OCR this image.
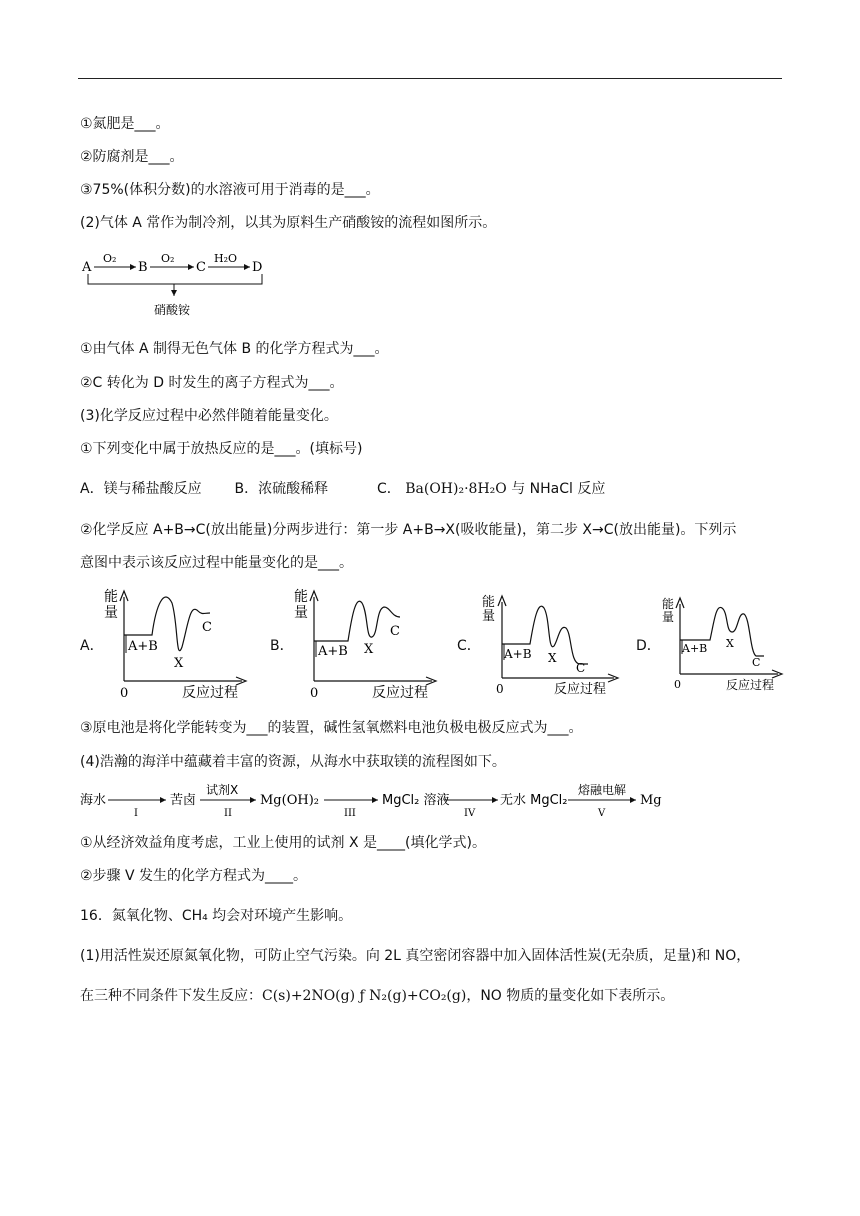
①氮肥是___。
②防腐剂是___。
③75%(体积分数)的水溶液可用于消毒的是___。
(2)气体 A 常作为制冷剂，以其为原料生产硝酸铵的流程如图所示。
A
O₂
B
O₂
C
H₂O
D
硝酸铵
①由气体 A 制得无色气体 B 的化学方程式为___。
②C 转化为 D 时发生的离子方程式为___。
(3)化学反应过程中必然伴随着能量变化。
①下列变化中属于放热反应的是___。(填标号)
A．镁与稀盐酸反应 B．浓硫酸稀释	C． Ba(OH)₂·8H₂O 与 NHaCl 反应
②化学反应 A+B→C(放出能量)分两步进行：第一步 A+B→X(吸收能量)，第二步 X→C(放出能量)。下列示
意图中表示该反应过程中能量变化的是___。
A．
能
量
0	反应过程
A+B
X
C
B．
能
量
0	反应过程
A+B X
C
C．
能
量
0	反应过程
A+B X
C
D．
能
量
0	反应过程
A+B X
C
③原电池是将化学能转变为___的装置，碱性氢氧燃料电池负极电极反应式为___。
(4)浩瀚的海洋中蕴藏着丰富的资源，从海水中获取镁的流程图如下。
海水
I
苦卤
试剂X
II
Mg(OH)₂
III
MgCl₂ 溶液
IV
无水 MgCl₂
熔融电解
V
Mg
①从经济效益角度考虑，工业上使用的试剂 X 是____(填化学式)。
②步骤 V 发生的化学方程式为____。
16．氮氧化物、CH₄ 均会对环境产生影响。
(1)用活性炭还原氮氧化物，可防止空气污染。向 2L 真空密闭容器中加入固体活性炭(无杂质，足量)和 NO，
在三种不同条件下发生反应：C(s)+2NO(g) ƒ N₂(g)+CO₂(g)，NO 物质的量变化如下表所示。
